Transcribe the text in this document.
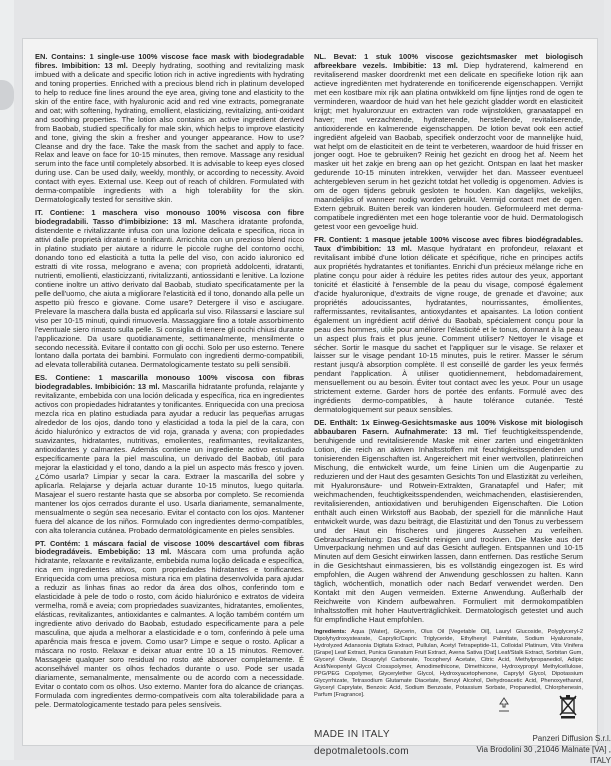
EN. Contains: 1 single-use 100% viscose face mask with biodegradable fibres. Imbibition: 13 ml. Deeply hydrating, soothing and revitalizing mask imbued with a delicate and specific lotion rich in active ingredients with hydrating and toning properties. Enriched with a precious blend rich in platinum developed to help to reduce fine lines around the eye area, giving tone and elasticity to the skin of the entire face, with hyaluronic acid and red vine extracts, pomegranate and oat; with softening, hydrating, emollient, elasticizing, revitalizing, anti-oxidant and soothing properties. The lotion also contains an active ingredient derived from Baobab, studied specifically for male skin, which helps to improve elasticity and tone, giving the skin a fresher and younger appearance. How to use? Cleanse and dry the face. Take the mask from the sachet and apply to face. Relax and leave on face for 10-15 minutes, then remove. Massage any residual serum into the face until completely absorbed. It is advisable to keep eyes closed during use. Can be used daily, weekly, monthly, or according to necessity. Avoid contact with eyes. External use. Keep out of reach of children. Formulated with derma-compatible ingredients with a high tolerability for the skin. Dermatologically tested for sensitive skin.
IT. Contiene: 1 maschera viso monouso 100% viscosa con fibre biodegradabili. Tasso d'imbibizione: 13 ml. Maschera idratante profonda, distendente e rivitalizzante infusa con una lozione delicata e specifica, ricca in attivi dalle proprietà idratanti e tonificanti. Arricchita con un prezioso blend ricco in platino studiato per aiutare a ridurre le piccole rughe del contorno occhi, donando tono ed elasticità a tutta la pelle del viso, con acido ialuronico ed estratti di vite rossa, melograno e avena; con proprietà addolcenti, idratanti, nutrienti, emollienti, elasticizzanti, rivitalizzanti, antiossidanti e lenitive. La lozione contiene inoltre un attivo derivato dal Baobab, studiato specificatamente per la pelle dell'uomo, che aiuta a migliorare l'elasticità ed il tono, donando alla pelle un aspetto più fresco e giovane. Come usare? Detergere il viso e asciugare. Prelevare la maschera dalla busta ed applicarla sul viso. Rilassarsi e lasciare sul viso per 10-15 minuti, quindi rimuoverla. Massaggiare fino a totale assorbimento l'eventuale siero rimasto sulla pelle. Si consiglia di tenere gli occhi chiusi durante l'applicazione. Da usare quotidianamente, settimanalmente, mensilmente o secondo necessità. Evitare il contatto con gli occhi. Solo per uso esterno. Tenere lontano dalla portata dei bambini. Formulato con ingredienti dermo-compatibili, ad elevata tollerabilità cutanea. Dermatologicamente testato su pelli sensibili.
ES. Contiene: 1 mascarilla monouso 100% viscosa con fibras biodegradables. Imbibición: 13 ml. Mascarilla hidratante profunda, relajante y revitalizante, embebida con una loción delicada y específica, rica en ingredientes activos con propiedades hidratantes y tonificantes. Enriquecida con una preciosa mezcla rica en platino estudiada para ayudar a reducir las pequeñas arrugas alrededor de los ojos, dando tono y elasticidad a toda la piel de la cara, con ácido hialurónico y extractos de vid roja, granada y avena; con propiedades suavizantes, hidratantes, nutritivas, emolientes, reafirmantes, revitalizantes, antioxidantes y calmantes. Además contiene un ingrediente activo estudiado específicamente para la piel masculina, un derivado del Baobab, útil para mejorar la elasticidad y el tono, dando a la piel un aspecto más fresco y joven. ¿Cómo usarla? Limpiar y secar la cara. Extraer la mascarilla del sobre y aplicarla. Relajarse y dejarla actuar durante 10-15 minutos, luego quitarla. Masajear el suero restante hasta que se absorba por completo. Se recomienda mantener los ojos cerrados durante el uso. Usarla diariamente, semanalmente, mensualmente o según sea necesario. Evitar el contacto con los ojos. Mantener fuera del alcance de los niños. Formulado con ingredientes dermo-compatibles, con alta tolerancia cutánea. Probado dermatológicamente en pieles sensibles.
PT. Contém: 1 máscara facial de viscose 100% descartável com fibras biodegradáveis. Embebição: 13 ml. Máscara com uma profunda ação hidratante, relaxante e revitalizante, embebida numa loção delicada e específica, rica em ingredientes ativos, com propriedades hidratantes e tonificantes. Enriquecida com uma preciosa mistura rica em platina desenvolvida para ajudar a reduzir as linhas finas ao redor da área dos olhos, conferindo tom e elasticidade à pele de todo o rosto, com ácido hialurónico e extratos de videira vermelha, romã e aveia; com propriedades suavizantes, hidratantes, emolientes, elásticas, revitalizantes, antioxidantes e calmantes. A loção também contém um ingrediente ativo derivado do Baobab, estudado especificamente para a pele masculina, que ajuda a melhorar a elasticidade e o tom, conferindo à pele uma aparência mais fresca e jovem. Como usar? Limpe e seque o rosto. Aplicar a máscara no rosto. Relaxar e deixar atuar entre 10 a 15 minutos. Remover. Massageie qualquer soro residual no rosto até absorver completamente. É aconselhável manter os olhos fechados durante o uso. Pode ser usada diariamente, semanalmente, mensalmente ou de acordo com a necessidade. Evitar o contato com os olhos. Uso externo. Manter fora do alcance de crianças. Formulada com ingredientes dermo-compatíveis com alta tolerabilidade para a pele. Dermatologicamente testado para peles sensíveis.
NL. Bevat: 1 stuk 100% viscose gezichtsmasker met biologisch afbreekbare vezels. Imbibitie: 13 ml. Diep hydraterend, kalmerend en revitaliserend masker doordrenkt met een delicate en specifieke lotion rijk aan actieve ingrediënten met hydraterende en tonificerende eigenschappen. Verrijkt met een kostbare mix rijk aan platina ontwikkeld om fijne lijntjes rond de ogen te verminderen, waardoor de huid van het hele gezicht gladder wordt en elasticiteit krijgt; met hyaluronzuur en extracten van rode wijnstokken, granaatappel en haver; met verzachtende, hydraterende, herstellende, revitaliserende, antioxiderende en kalmerende eigenschappen. De lotion bevat ook een actief ingrediënt afgeleid van Baobab, specifiek onderzocht voor de mannelijke huid, wat helpt om de elasticiteit en de teint te verbeteren, waardoor de huid frisser en jonger oogt. Hoe te gebruiken? Reinig het gezicht en droog het af. Neem het masker uit het zakje en breng aan op het gezicht. Ontspan en laat het masker gedurende 10-15 minuten intrekken, verwijder het dan. Masseer eventueel achtergebleven serum in het gezicht totdat het volledig is opgenomen. Advies is om de ogen tijdens gebruik gesloten te houden. Kan dagelijks, wekelijks, maandelijks of wanneer nodig worden gebruikt. Vermijd contact met de ogen. Extern gebruik. Buiten bereik van kinderen houden. Geformuleerd met derma-compatibele ingrediënten met een hoge tolerantie voor de huid. Dermatologisch getest voor een gevoelige huid.
FR. Contient: 1 masque jetable 100% viscose avec fibres biodégradables. Taux d'imbibition: 13 ml. Masque hydratant en profondeur, relaxant et revitalisant imbibé d'une lotion délicate et spécifique, riche en principes actifs aux propriétés hydratantes et tonifiantes. Enrichi d'un précieux mélange riche en platine conçu pour aider à réduire les petites rides autour des yeux, apportant tonicité et élasticité à l'ensemble de la peau du visage, composé également d'acide hyaluronique, d'extraits de vigne rouge, de grenade et d'avoine; aux propriétés adoucissantes, hydratantes, nourrissantes, émollientes, raffermissantes, revitalisantes, antioxydantes et apaisantes. La lotion contient également un ingrédient actif dérivé du Baobab, spécialement conçu pour la peau des hommes, utile pour améliorer l'élasticité et le tonus, donnant à la peau un aspect plus frais et plus jeune. Comment utiliser? Nettoyer le visage et sécher. Sortir le masque du sachet et l'appliquer sur le visage. Se relaxer et laisser sur le visage pendant 10-15 minutes, puis le retirer. Masser le sérum restant jusqu'à absorption complète. Il est conseillé de garder les yeux fermés pendant l'application. À utiliser quotidiennement, hebdomadairement, mensuellement ou au besoin. Éviter tout contact avec les yeux. Pour un usage strictement externe. Garder hors de portée des enfants. Formulé avec des ingrédients dermo-compatibles, à haute tolérance cutanée. Testé dermatologiquement sur peaux sensibles.
DE. Enthält: 1x Einweg-Gesichtsmaske aus 100% Viskose mit biologisch abbaubaren Fasern. Aufnahmerate: 13 ml. Tief feuchtigkeitsspendende, beruhigende und revitalisierende Maske mit einer zarten und eingetränkten Lotion, die reich an aktiven Inhaltsstoffen mit feuchtigkeitsspendenden und tonisierenden Eigenschaften ist. Angereichert mit einer wertvollen, platinreichen Mischung, die entwickelt wurde, um feine Linien um die Augenpartie zu reduzieren und der Haut des gesamten Gesichts Ton und Elastizität zu verleihen, mit Hyaluronsäure- und Rotwein-Extrakten, Granatapfel und Hafer; mit weichmachenden, feuchtigkeitsspendenden, weichmachenden, elastisierenden, revitalisierenden, antioxidativen und beruhigenden Eigenschaften. Die Lotion enthält auch einen Wirkstoff aus Baobab, der speziell für die männliche Haut entwickelt wurde, was dazu beiträgt, die Elastizität und den Tonus zu verbessern und der Haut ein frischeres und jüngeres Aussehen zu verleihen. Gebrauchsanleitung: Das Gesicht reinigen und trocknen. Die Maske aus der Umverpackung nehmen und auf das Gesicht auflegen. Entspannen und 10-15 Minuten auf dem Gesicht einwirken lassen, dann entfernen. Das restliche Serum in die Gesichtshaut einmassieren, bis es vollständig eingezogen ist. Es wird empfohlen, die Augen während der Anwendung geschlossen zu halten. Kann täglich, wöchentlich, monatlich oder nach Bedarf verwendet werden. Den Kontakt mit den Augen vermeiden. Externe Anwendung. Außerhalb der Reichweite von Kindern aufbewahren. Formuliert mit dermokompatiblen Inhaltsstoffen mit hoher Hautverträglichkeit. Dermatologisch getestet und auch für empfindliche Haut empfohlen.
Ingredients: Aqua [Water], Glycerin, Olus Oil [Vegetable Oil], Lauryl Glucoside, Polyglyceryl-2 Dipolyhydroxystearate, Caprylic/Capric Triglyceride, Ethylhexyl Palmitate, Sodium Hyaluronate, Hydrolyzed Adansonia Digitata Extract, Pullulan, Acetyl Tetrapeptide-11, Colloidal Platinum, Vitis Vinifera [Grape] Leaf Extract, Punica Granatum Fruit Extract, Avena Sativa [Oat] Leaf/Stalk Extract, Sorbitan Gum, Glyceryl Oleate, Dicaprylyl Carbonate, Tocopheryl Acetate, Citric Acid, Methylpropanediol, Adipic Acid/Neopentyl Glycol Crosspolymer, Amodimethicone, Dimethicone, Hydroxypropyl Methylcellulose, PPG/PEG Copolymer, Glycerylether Glycol, Hydroxyacetophenone, Caprylyl Glycol, Dipotassium Glycyrrhizate, Tetrasodium Glutamate Diacetate, Benzyl Alcohol, Dehydroacetic Acid, Phenoxyethanol, Glyceryl Caprylate, Benzoic Acid, Sodium Benzoate, Potassium Sorbate, Propanediol, Chlorphenesin, Parfum [Fragrance].
MADE IN ITALY
depotmaletools.com
Panzeri Diffusion S.r.l.
Via Brodolini 30 ,21046 Malnate [VA] , ITALY
